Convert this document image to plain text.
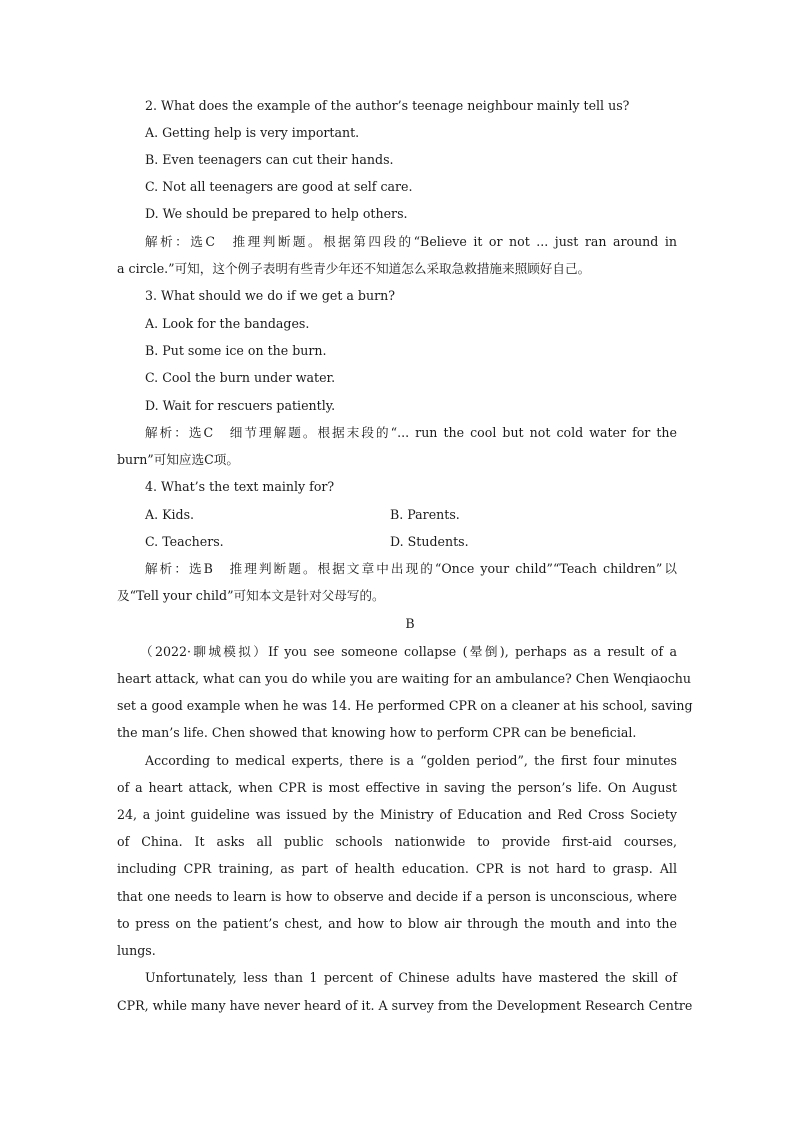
2. What does the example of the author’s teenage neighbour mainly tell us?
A. Getting help is very important.
B. Even teenagers can cut their hands.
C. Not all teenagers are good at self care.
D. We should be prepared to help others.
解析：选C　推理判断题。根据第四段的“Believe it or not ... just ran around in
a circle.”可知，这个例子表明有些青少年还不知道怎么采取急救措施来照顾好自己。
3. What should we do if we get a burn?
A. Look for the bandages.
B. Put some ice on the burn.
C. Cool the burn under water.
D. Wait for rescuers patiently.
解析：选C　细节理解题。根据末段的“... run the cool but not cold water for the
burn”可知应选C项。
4. What’s the text mainly for?
A. Kids.	B. Parents.
C. Teachers.	D. Students.
解析：选B　推理判断题。根据文章中出现的“Once your child”“Teach children”以
及“Tell your child”可知本文是针对父母写的。
B
（2022·聊城模拟）If you see someone collapse (晕倒), perhaps as a result of a
heart attack, what can you do while you are waiting for an ambulance? Chen Wenqiaochu
set a good example when he was 14. He performed CPR on a cleaner at his school, saving
the man’s life. Chen showed that knowing how to perform CPR can be beneficial.
According to medical experts, there is a “golden period”, the first four minutes
of a heart attack, when CPR is most effective in saving the person’s life. On August
24, a joint guideline was issued by the Ministry of Education and Red Cross Society
of China. It asks all public schools nationwide to provide first-aid courses,
including CPR training, as part of health education. CPR is not hard to grasp. All
that one needs to learn is how to observe and decide if a person is unconscious, where
to press on the patient’s chest, and how to blow air through the mouth and into the
lungs.
Unfortunately, less than 1 percent of Chinese adults have mastered the skill of
CPR, while many have never heard of it. A survey from the Development Research Centre
